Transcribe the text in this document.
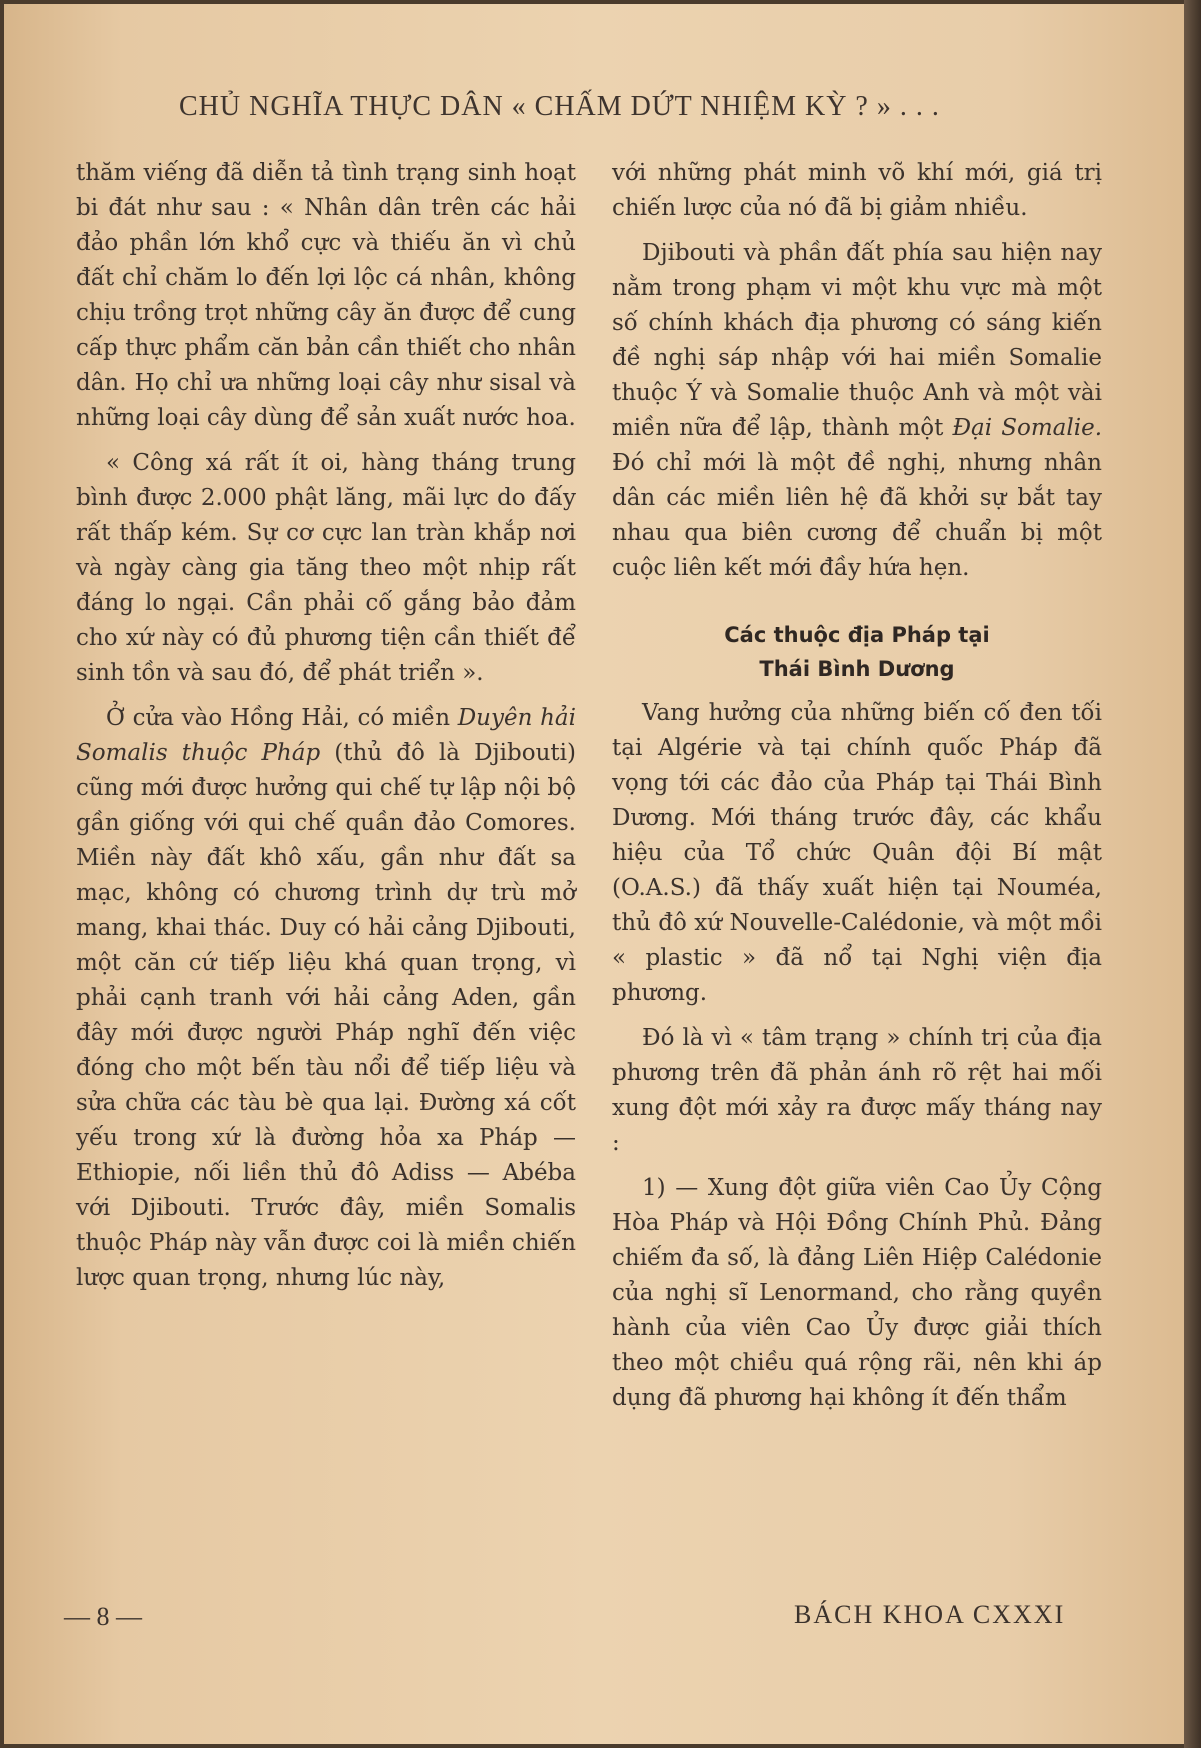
CHỦ NGHĨA THỰC DÂN « CHẤM DỨT NHIỆM KỲ ? » . . .

thăm viếng đã diễn tả tình trạng sinh hoạt bi đát như sau : « Nhân dân trên các hải đảo phần lớn khổ cực và thiếu ăn vì chủ đất chỉ chăm lo đến lợi lộc cá nhân, không chịu trồng trọt những cây ăn được để cung cấp thực phẩm căn bản cần thiết cho nhân dân. Họ chỉ ưa những loại cây như sisal và những loại cây dùng để sản xuất nước hoa.

« Công xá rất ít oi, hàng tháng trung bình được 2.000 phật lăng, mãi lực do đấy rất thấp kém. Sự cơ cực lan tràn khắp nơi và ngày càng gia tăng theo một nhịp rất đáng lo ngại. Cần phải cố gắng bảo đảm cho xứ này có đủ phương tiện cần thiết để sinh tồn và sau đó, để phát triển ».

Ở cửa vào Hồng Hải, có miền Duyên hải Somalis thuộc Pháp (thủ đô là Djibouti) cũng mới được hưởng qui chế tự lập nội bộ gần giống với qui chế quần đảo Comores. Miền này đất khô xấu, gần như đất sa mạc, không có chương trình dự trù mở mang, khai thác. Duy có hải cảng Djibouti, một căn cứ tiếp liệu khá quan trọng, vì phải cạnh tranh với hải cảng Aden, gần đây mới được người Pháp nghĩ đến việc đóng cho một bến tàu nổi để tiếp liệu và sửa chữa các tàu bè qua lại. Đường xá cốt yếu trong xứ là đường hỏa xa Pháp — Ethiopie, nối liền thủ đô Adiss — Abéba với Djibouti. Trước đây, miền Somalis thuộc Pháp này vẫn được coi là miền chiến lược quan trọng, nhưng lúc này,

với những phát minh võ khí mới, giá trị chiến lược của nó đã bị giảm nhiều.

Djibouti và phần đất phía sau hiện nay nằm trong phạm vi một khu vực mà một số chính khách địa phương có sáng kiến đề nghị sáp nhập với hai miền Somalie thuộc Ý và Somalie thuộc Anh và một vài miền nữa để lập, thành một Đại Somalie. Đó chỉ mới là một đề nghị, nhưng nhân dân các miền liên hệ đã khởi sự bắt tay nhau qua biên cương để chuẩn bị một cuộc liên kết mới đầy hứa hẹn.

Các thuộc địa Pháp tại
Thái Bình Dương

Vang hưởng của những biến cố đen tối tại Algérie và tại chính quốc Pháp đã vọng tới các đảo của Pháp tại Thái Bình Dương. Mới tháng trước đây, các khẩu hiệu của Tổ chức Quân đội Bí mật (O.A.S.) đã thấy xuất hiện tại Nouméa, thủ đô xứ Nouvelle-Calédonie, và một mồi « plastic » đã nổ tại Nghị viện địa phương.

Đó là vì « tâm trạng » chính trị của địa phương trên đã phản ánh rõ rệt hai mối xung đột mới xảy ra được mấy tháng nay :

1) — Xung đột giữa viên Cao Ủy Cộng Hòa Pháp và Hội Đồng Chính Phủ. Đảng chiếm đa số, là đảng Liên Hiệp Calédonie của nghị sĩ Lenormand, cho rằng quyền hành của viên Cao Ủy được giải thích theo một chiều quá rộng rãi, nên khi áp dụng đã phương hại không ít đến thẩm

— 8 —	BÁCH KHOA CXXXI
